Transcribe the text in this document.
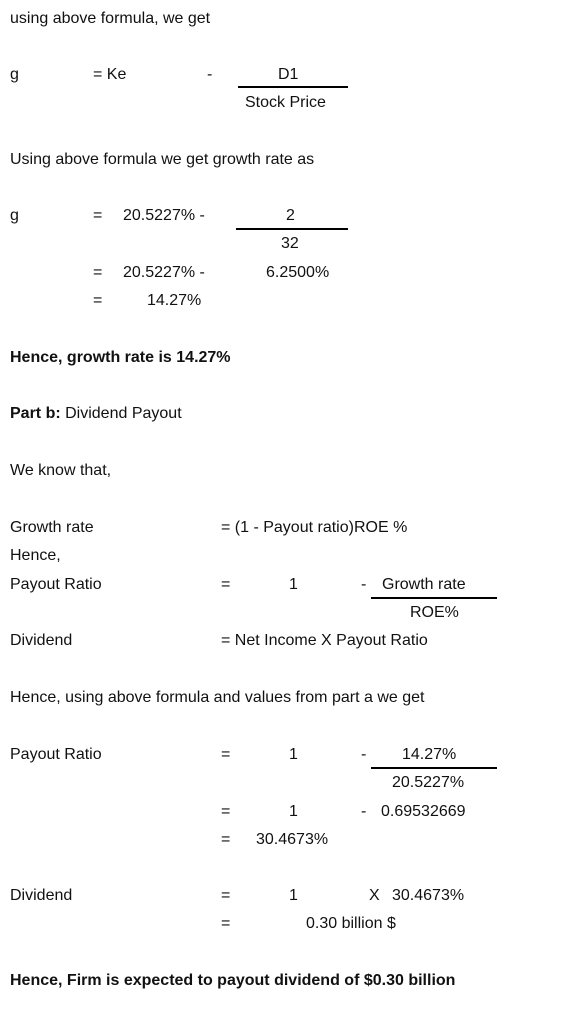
using above formula, we get
g	= Ke	-	D1
Stock Price
Using above formula we get growth rate as
g	= 20.5227% -	2
32
= 20.5227% -	6.2500%
=	14.27%
Hence, growth rate is 14.27%
Part b: Dividend Payout
We know that,
Growth rate	= (1 - Payout ratio)ROE %
Hence,
Payout Ratio	=	1	- Growth rate
ROE%
Dividend	= Net Income X Payout Ratio
Hence, using above formula and values from part a we get
Payout Ratio	=	1	- 14.27%
20.5227%
=	1	- 0.69532669
= 30.4673%
Dividend	=	1	X 30.4673%
=	0.30 billion $
Hence, Firm is expected to payout dividend of $0.30 billion
